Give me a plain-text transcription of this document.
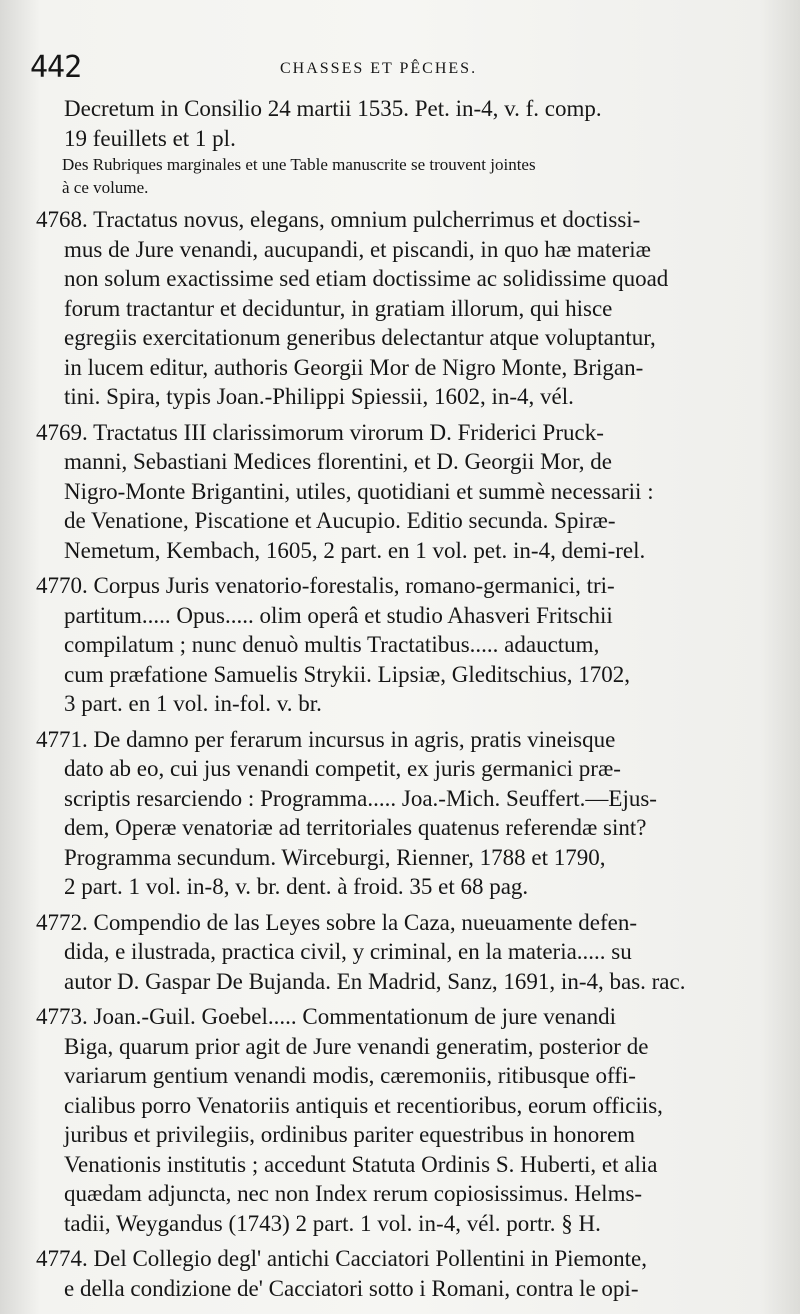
442	CHASSES ET PÊCHES.
Decretum in Consilio 24 martii 1535. Pet. in-4, v. f. comp.
19 feuillets et 1 pl.
Des Rubriques marginales et une Table manuscrite se trouvent jointes
à ce volume.
4768. Tractatus novus, elegans, omnium pulcherrimus et doctissi-
mus de Jure venandi, aucupandi, et piscandi, in quo hæ materiæ
non solum exactissime sed etiam doctissime ac solidissime quoad
forum tractantur et deciduntur, in gratiam illorum, qui hisce
egregiis exercitationum generibus delectantur atque voluptantur,
in lucem editur, authoris Georgii Mor de Nigro Monte, Brigan-
tini. Spira, typis Joan.-Philippi Spiessii, 1602, in-4, vél.
4769. Tractatus III clarissimorum virorum D. Friderici Pruck-
manni, Sebastiani Medices florentini, et D. Georgii Mor, de
Nigro-Monte Brigantini, utiles, quotidiani et summè necessarii :
de Venatione, Piscatione et Aucupio. Editio secunda. Spiræ-
Nemetum, Kembach, 1605, 2 part. en 1 vol. pet. in-4, demi-rel.
4770. Corpus Juris venatorio-forestalis, romano-germanici, tri-
partitum..... Opus..... olim operâ et studio Ahasveri Fritschii
compilatum ; nunc denuò multis Tractatibus..... adauctum,
cum præfatione Samuelis Strykii. Lipsiæ, Gleditschius, 1702,
3 part. en 1 vol. in-fol. v. br.
4771. De damno per ferarum incursus in agris, pratis vineisque
dato ab eo, cui jus venandi competit, ex juris germanici præ-
scriptis resarciendo : Programma..... Joa.-Mich. Seuffert.—Ejus-
dem, Operæ venatoriæ ad territoriales quatenus referendæ sint?
Programma secundum. Wirceburgi, Rienner, 1788 et 1790,
2 part. 1 vol. in-8, v. br. dent. à froid. 35 et 68 pag.
4772. Compendio de las Leyes sobre la Caza, nueuamente defen-
dida, e ilustrada, practica civil, y criminal, en la materia..... su
autor D. Gaspar De Bujanda. En Madrid, Sanz, 1691, in-4, bas. rac.
4773. Joan.-Guil. Goebel..... Commentationum de jure venandi
Biga, quarum prior agit de Jure venandi generatim, posterior de
variarum gentium venandi modis, cæremoniis, ritibusque offi-
cialibus porro Venatoriis antiquis et recentioribus, eorum officiis,
juribus et privilegiis, ordinibus pariter equestribus in honorem
Venationis institutis ; accedunt Statuta Ordinis S. Huberti, et alia
quædam adjuncta, nec non Index rerum copiosissimus. Helms-
tadii, Weygandus (1743) 2 part. 1 vol. in-4, vél. portr. § H.
4774. Del Collegio degl' antichi Cacciatori Pollentini in Piemonte,
e della condizione de' Cacciatori sotto i Romani, contra le opi-
